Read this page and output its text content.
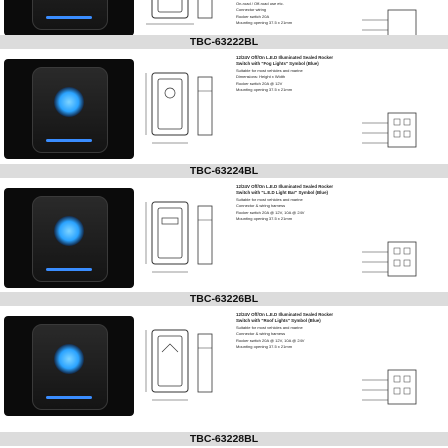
On-road / Off-road use etc.
Connector wiring
Rocker switch 20A
Mounting opening 37.5 x 21mm
TBC-63222BL
12/24V Off/On L.E.D Illuminated Sealed Rocker
Switch with "Fog Lights" Symbol (Blue)
Suitable for most vehicles and marine
Dimensions: Height x Width
Rocker switch 20A @ 12V
Mounting opening 37.5 x 21mm
TBC-63224BL
12/24V Off/On L.E.D Illuminated Sealed Rocker
Switch with "L.E.D Light Bar" Symbol (Blue)
Suitable for most vehicles and marine
Connector & wiring harness
Rocker switch 20A @ 12V, 10A @ 24V
Mounting opening 37.5 x 21mm
TBC-63226BL
12/24V Off/On L.E.D Illuminated Sealed Rocker
Switch with "Roof Lights" Symbol (Blue)
Suitable for most vehicles and marine
Connector & wiring harness
Rocker switch 20A @ 12V, 10A @ 24V
Mounting opening 37.5 x 21mm
TBC-63228BL
